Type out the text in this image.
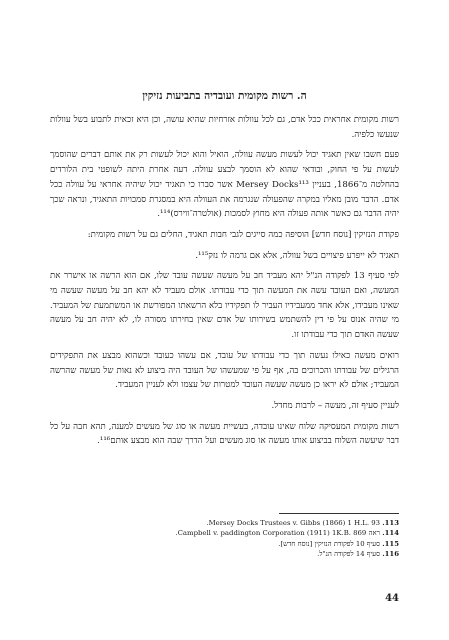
ה. רשות מקומית ועובדיה בתביעות נזיקין

רשות מקומית אחראית ככל אדם, גם לכל עוולות אזרחיות שהיא עושה, וכן היא זכאית לתבוע בשל עוולות שנעשו כלפיה.

פעם חשבו שאין תאגיד יכול לעשות מעשה עוולה, הואיל והוא יכול לעשות רק את אותם דברים שהוסמך לעשות על פי החוק, ובודאי שהוא לא הוסמך לבצע עוולה. דעה אחרת היתה לשופטי בית הלורדים בהחלטה מ־1866, בעניין Mersey Docks¹¹³ אשר סברו כי תאגיד יכול שיהיה אחראי על עוולה ככל אדם. הדבר מובן מאליו במקרה שהפעולה שנגרמה את העוולה היא במסגרת סמכויות התאגיד, ונראה שכך יהיה הדבר גם כאשר אותה פעולה היא מחוץ לסמכות (אולטרה־ווירס)¹¹⁴.

פקודת הנזיקין [נוסח חדש] הוסיפה כמה סייגים לגבי חבות תאגיד, החלים גם על רשות מקומית:

תאגיד לא ייפרע פיצויים בשל עוולה, אלא אם גרמה לו נזק¹¹⁵.

לפי סעיף 13 לפקודה הנ"ל יהא מעביד חב על מעשה שעשה עובד שלו, אם הוא הרשה או אישרר את המעשה, ואם העובד עשה את המעשה תוך כדי עבודתו. אולם מעביד לא יהא חב על מעשה שעשה מי שאינו מעבידו, אלא אחד ממעבידיו העביר לו תפקידיו בלא הרשאתו המפורשת או המשתמעת של המעביד. מי שהיה אנוס על פי דין להשתמש בשירותו של אדם שאין בחירתו מסורה לו, לא יהיה חב על מעשה שעשה האדם תוך כדי עבודתו זו.

רואים מעשה כאילו נעשה תוך כדי עבודתו של עובד, אם עשהו כעובד וכשהוא מבצע את התפקידים הרגילים של עבודתו והכרוכים בה, אף על פי שמעשהו של העובד היה ביצוע לא נאות של מעשה שהרשה המעביד; אולם לא יראו כן מעשה שעשה העובד למטרות של עצמו ולא לעניין המעביד.

לעניין סעיף זה, מעשה – לרבות מחדל.

רשות מקומית המעסיקה שלוח שאינו עובדה, בעשיית מעשה או סוג של מעשים למענה, תהא חבה על כל דבר שיעשה השלוח בביצוע אותו מעשה או סוג מעשים ועל הדרך שבה הוא מבצע אותם¹¹⁶.

113. Mersey Docks Trustees v. Gibbs (1866) 1 H.L. 93.

114. ראה Campbell v. paddington Corporation (1911) 1K.B. 869.

115. סעיף 10 לפקודת הנזיקין [נוסח חדש].

116. סעיף 14 לפקודה הנ"ל.

44
